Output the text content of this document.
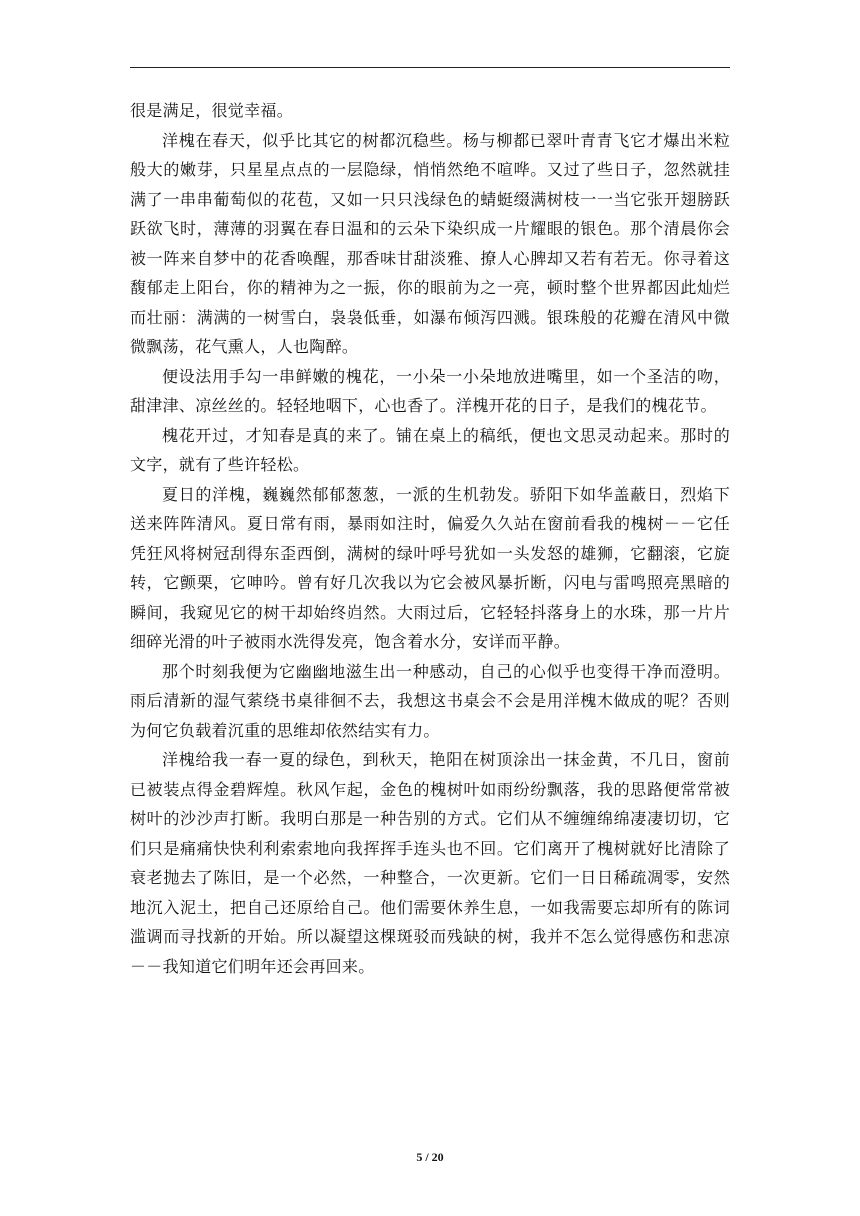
很是满足，很觉幸福。

洋槐在春天，似乎比其它的树都沉稳些。杨与柳都已翠叶青青飞它才爆出米粒般大的嫩芽，只星星点点的一层隐绿，悄悄然绝不喧哗。又过了些日子，忽然就挂满了一串串葡萄似的花苞，又如一只只浅绿色的蜻蜓缀满树枝一一当它张开翅膀跃跃欲飞时，薄薄的羽翼在春日温和的云朵下染织成一片耀眼的银色。那个清晨你会被一阵来自梦中的花香唤醒，那香味甘甜淡雅、撩人心脾却又若有若无。你寻着这馥郁走上阳台，你的精神为之一振，你的眼前为之一亮，顿时整个世界都因此灿烂而壮丽：满满的一树雪白，袅袅低垂，如瀑布倾泻四溅。银珠般的花瓣在清风中微微飘荡，花气熏人，人也陶醉。

便设法用手勾一串鲜嫩的槐花，一小朵一小朵地放进嘴里，如一个圣洁的吻，甜津津、凉丝丝的。轻轻地咽下，心也香了。洋槐开花的日子，是我们的槐花节。

槐花开过，才知春是真的来了。铺在桌上的稿纸，便也文思灵动起来。那时的文字，就有了些许轻松。

夏日的洋槐，巍巍然郁郁葱葱，一派的生机勃发。骄阳下如华盖蔽日，烈焰下送来阵阵清风。夏日常有雨，暴雨如注时，偏爱久久站在窗前看我的槐树－－它任凭狂风将树冠刮得东歪西倒，满树的绿叶呼号犹如一头发怒的雄狮，它翻滚，它旋转，它颤栗，它呻吟。曾有好几次我以为它会被风暴折断，闪电与雷鸣照亮黑暗的瞬间，我窥见它的树干却始终岿然。大雨过后，它轻轻抖落身上的水珠，那一片片细碎光滑的叶子被雨水洗得发亮，饱含着水分，安详而平静。

那个时刻我便为它幽幽地滋生出一种感动，自己的心似乎也变得干净而澄明。雨后清新的湿气萦绕书桌徘徊不去，我想这书桌会不会是用洋槐木做成的呢？否则为何它负载着沉重的思维却依然结实有力。

洋槐给我一春一夏的绿色，到秋天，艳阳在树顶涂出一抹金黄，不几日，窗前已被装点得金碧辉煌。秋风乍起，金色的槐树叶如雨纷纷飘落，我的思路便常常被树叶的沙沙声打断。我明白那是一种告别的方式。它们从不缠缠绵绵凄凄切切，它们只是痛痛快快利利索索地向我挥挥手连头也不回。它们离开了槐树就好比清除了衰老抛去了陈旧，是一个必然，一种整合，一次更新。它们一日日稀疏凋零，安然地沉入泥土，把自己还原给自己。他们需要休养生息，一如我需要忘却所有的陈词滥调而寻找新的开始。所以凝望这棵斑驳而残缺的树，我并不怎么觉得感伤和悲凉－－我知道它们明年还会再回来。

5 / 20
